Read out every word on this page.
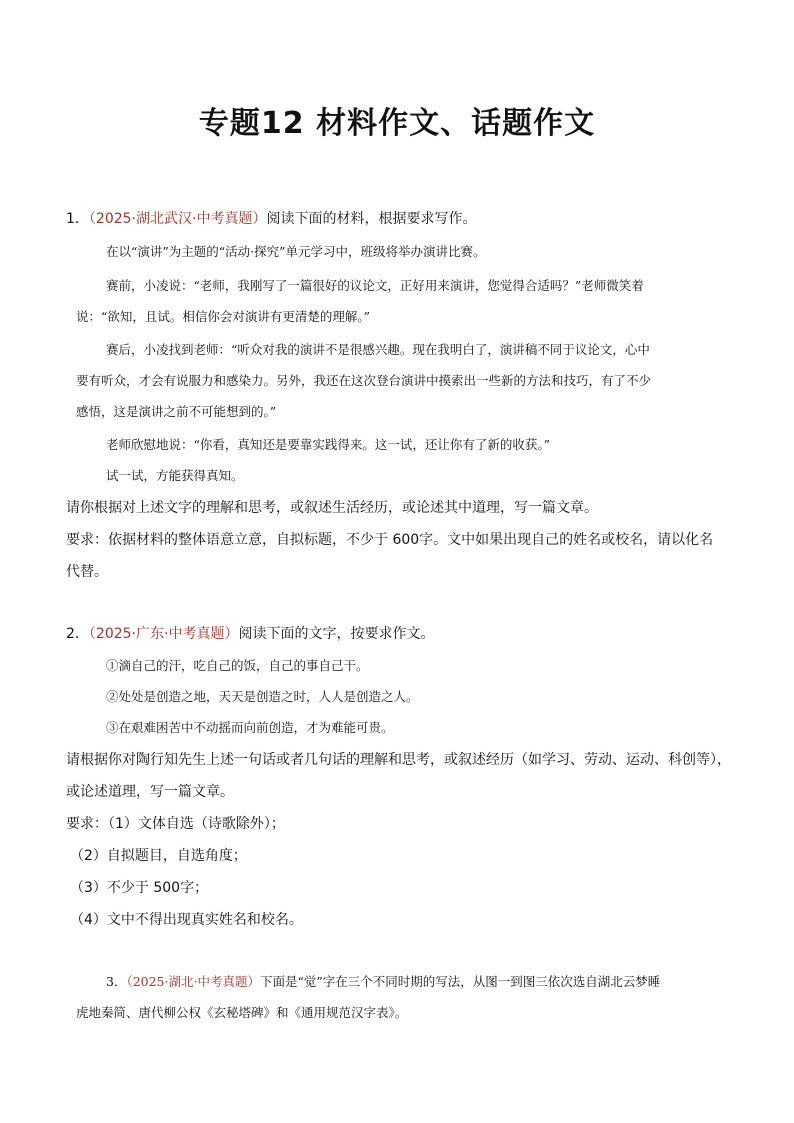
专题12 材料作文、话题作文
1．（2025·湖北武汉·中考真题）阅读下面的材料，根据要求写作。
在以“演讲”为主题的“活动·探究”单元学习中，班级将举办演讲比赛。
赛前，小凌说：“老师，我刚写了一篇很好的议论文，正好用来演讲，您觉得合适吗？”老师微笑着
说：“欲知，且试。相信你会对演讲有更清楚的理解。”
赛后，小凌找到老师：“听众对我的演讲不是很感兴趣。现在我明白了，演讲稿不同于议论文，心中
要有听众，才会有说服力和感染力。另外，我还在这次登台演讲中摸索出一些新的方法和技巧，有了不少
感悟，这是演讲之前不可能想到的。”
老师欣慰地说：“你看，真知还是要靠实践得来。这一试，还让你有了新的收获。”
试一试，方能获得真知。
请你根据对上述文字的理解和思考，或叙述生活经历，或论述其中道理，写一篇文章。
要求：依据材料的整体语意立意，自拟标题，不少于 600字。文中如果出现自己的姓名或校名，请以化名
代替。
2．（2025·广东·中考真题）阅读下面的文字，按要求作文。
①滴自己的汗，吃自己的饭，自己的事自己干。
②处处是创造之地，天天是创造之时，人人是创造之人。
③在艰难困苦中不动摇而向前创造，才为难能可贵。
请根据你对陶行知先生上述一句话或者几句话的理解和思考，或叙述经历（如学习、劳动、运动、科创等），
或论述道理，写一篇文章。
要求：（1）文体自选（诗歌除外）；
（2）自拟题目，自选角度；
（3）不少于 500字；
（4）文中不得出现真实姓名和校名。
3．（2025·湖北·中考真题）下面是“觉”字在三个不同时期的写法，从图一到图三依次选自湖北云梦睡
虎地秦简、唐代柳公权《玄秘塔碑》和《通用规范汉字表》。
